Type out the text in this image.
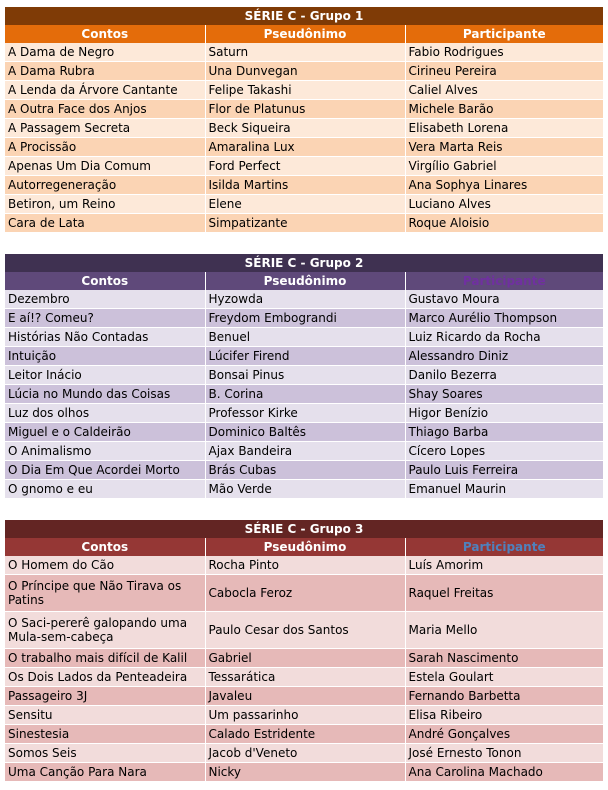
SÉRIE C - Grupo 1		
Contos	Pseudônimo	Participante
A Dama de Negro	Saturn	Fabio Rodrigues
A Dama Rubra	Una Dunvegan	Cirineu Pereira
A Lenda da Árvore Cantante	Felipe Takashi	Caliel Alves
A Outra Face dos Anjos	Flor de Platunus	Michele Barão
A Passagem Secreta	Beck Siqueira	Elisabeth Lorena
A Procissão	Amaralina Lux	Vera Marta Reis
Apenas Um Dia Comum	Ford Perfect	Virgílio Gabriel
Autorregeneração	Isilda Martins	Ana Sophya Linares
Betiron, um Reino	Elene	Luciano Alves
Cara de Lata	Simpatizante	Roque Aloisio
SÉRIE C - Grupo 2		
Contos	Pseudônimo	Participante
Dezembro	Hyzowda	Gustavo Moura
E aí!? Comeu?	Freydom Embograndi	Marco Aurélio Thompson
Histórias Não Contadas	Benuel	Luiz Ricardo da Rocha
Intuição	Lúcifer Firend	Alessandro Diniz
Leitor Inácio	Bonsai Pinus	Danilo Bezerra
Lúcia no Mundo das Coisas	B. Corina	Shay Soares
Luz dos olhos	Professor Kirke	Higor Benízio
Miguel e o Caldeirão	Dominico Baltês	Thiago Barba
O Animalismo	Ajax Bandeira	Cícero Lopes
O Dia Em Que Acordei Morto	Brás Cubas	Paulo Luis Ferreira
O gnomo e eu	Mão Verde	Emanuel Maurin
SÉRIE C - Grupo 3		
Contos	Pseudônimo	Participante
O Homem do Cão	Rocha Pinto	Luís Amorim
O Príncipe que Não Tirava os Patins	Cabocla Feroz	Raquel Freitas
O Saci-pererê galopando uma Mula-sem-cabeça	Paulo Cesar dos Santos	Maria Mello
O trabalho mais difícil de Kalil	Gabriel	Sarah Nascimento
Os Dois Lados da Penteadeira	Tessarática	Estela Goulart
Passageiro 3J	Javaleu	Fernando Barbetta
Sensitu	Um passarinho	Elisa Ribeiro
Sinestesia	Calado Estridente	André Gonçalves
Somos Seis	Jacob d'Veneto	José Ernesto Tonon
Uma Canção Para Nara	Nicky	Ana Carolina Machado
